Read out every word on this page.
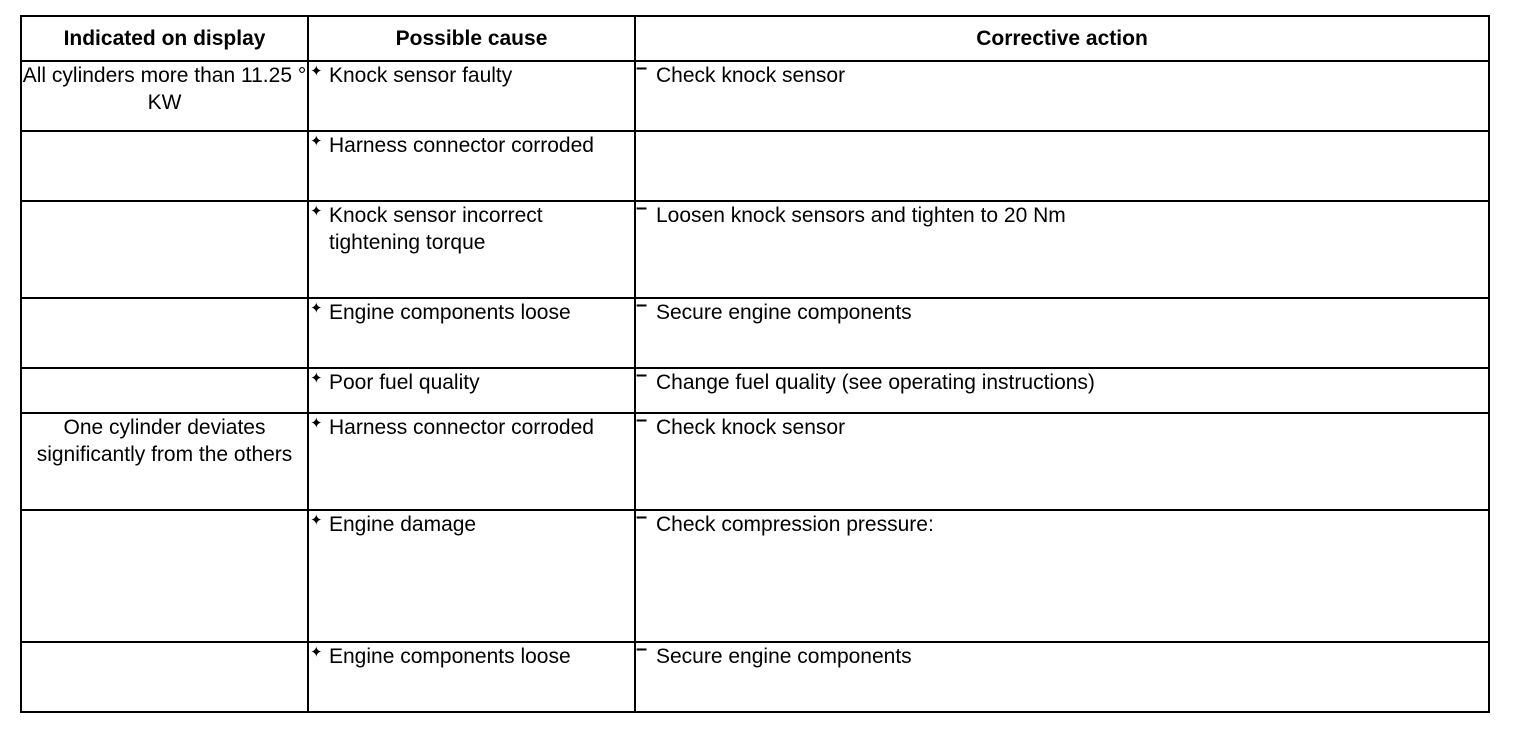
Indicated on display	Possible cause	Corrective action
All cylinders more than 11.25 ° KW	✦ Knock sensor faulty	– Check knock sensor

	✦ Harness connector corroded	

	✦ Knock sensor incorrect tightening torque	– Loosen knock sensors and tighten to 20 Nm

	✦ Engine components loose	– Secure engine components

	✦ Poor fuel quality	– Change fuel quality (see operating instructions)

One cylinder deviates significantly from the others	✦ Harness connector corroded	– Check knock sensor

	✦ Engine damage	– Check compression pressure:

	✦ Engine components loose	– Secure engine components
